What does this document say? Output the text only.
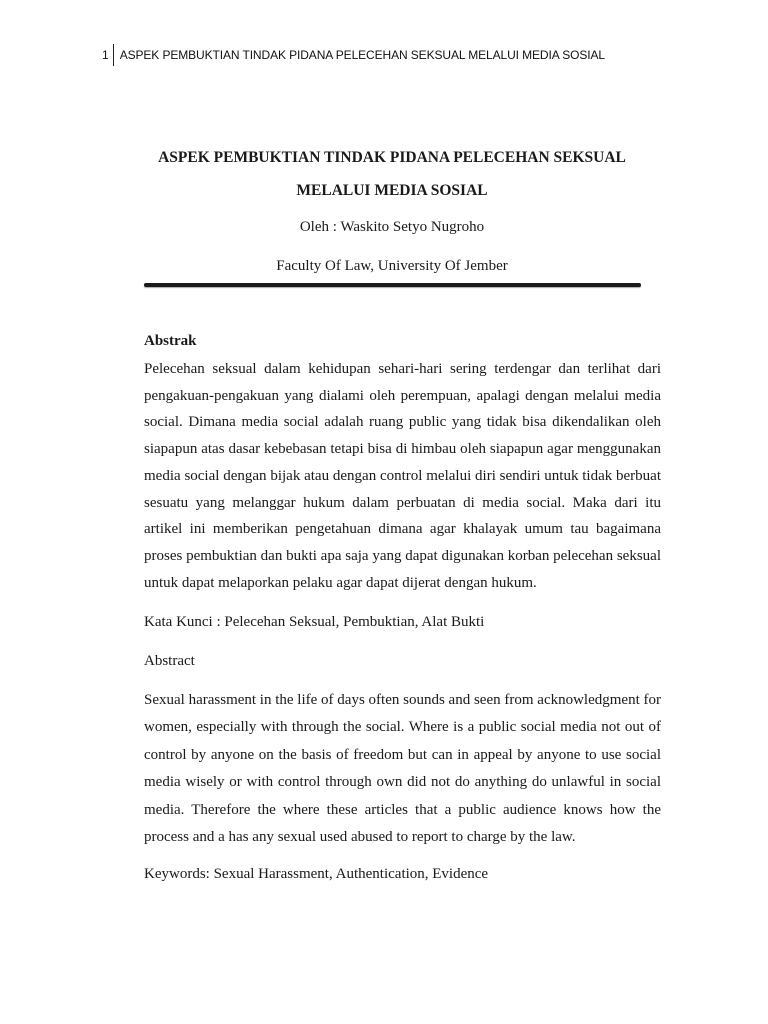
1 ASPEK PEMBUKTIAN TINDAK PIDANA PELECEHAN SEKSUAL MELALUI MEDIA SOSIAL

ASPEK PEMBUKTIAN TINDAK PIDANA PELECEHAN SEKSUAL

MELALUI MEDIA SOSIAL

Oleh : Waskito Setyo Nugroho

Faculty Of Law, University Of Jember

Abstrak

Pelecehan seksual dalam kehidupan sehari-hari sering terdengar dan terlihat dari pengakuan-pengakuan yang dialami oleh perempuan, apalagi dengan melalui media social. Dimana media social adalah ruang public yang tidak bisa dikendalikan oleh siapapun atas dasar kebebasan tetapi bisa di himbau oleh siapapun agar menggunakan media social dengan bijak atau dengan control melalui diri sendiri untuk tidak berbuat sesuatu yang melanggar hukum dalam perbuatan di media social. Maka dari itu artikel ini memberikan pengetahuan dimana agar khalayak umum tau bagaimana proses pembuktian dan bukti apa saja yang dapat digunakan korban pelecehan seksual untuk dapat melaporkan pelaku agar dapat dijerat dengan hukum.

Kata Kunci : Pelecehan Seksual, Pembuktian, Alat Bukti

Abstract

Sexual harassment in the life of days often sounds and seen from acknowledgment for women, especially with through the social. Where is a public social media not out of control by anyone on the basis of freedom but can in appeal by anyone to use social media wisely or with control through own did not do anything do unlawful in social media. Therefore the where these articles that a public audience knows how the process and a has any sexual used abused to report to charge by the law.

Keywords: Sexual Harassment, Authentication, Evidence
